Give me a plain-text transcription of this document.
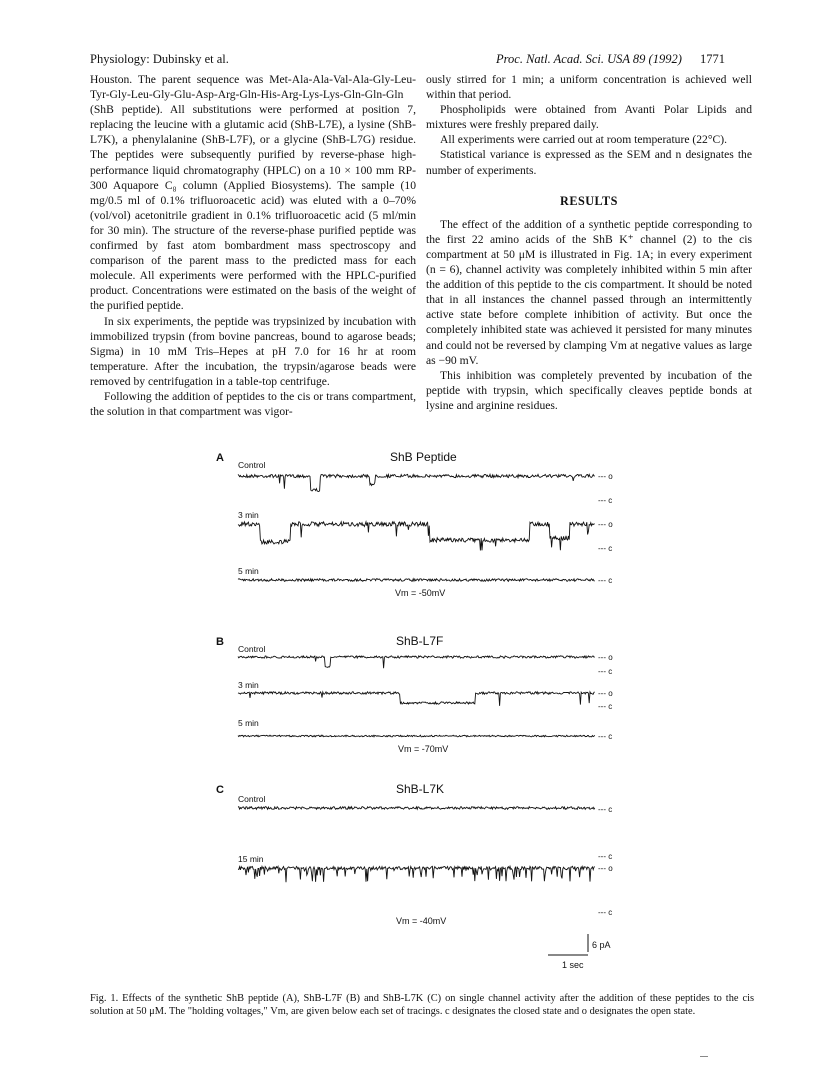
Physiology: Dubinsky et al.	Proc. Natl. Acad. Sci. USA 89 (1992) 1771

Houston. The parent sequence was Met-Ala-Ala-Val-Ala-Gly-Leu-Tyr-Gly-Leu-Gly-Glu-Asp-Arg-Gln-His-Arg-Lys-Lys-Gln-Gln-Gln (ShB peptide). All substitutions were performed at position 7, replacing the leucine with a glutamic acid (ShB-L7E), a lysine (ShB-L7K), a phenylalanine (ShB-L7F), or a glycine (ShB-L7G) residue. The peptides were subsequently purified by reverse-phase high-performance liquid chromatography (HPLC) on a 10 × 100 mm RP-300 Aquapore C₈ column (Applied Biosystems). The sample (10 mg/0.5 ml of 0.1% trifluoroacetic acid) was eluted with a 0–70% (vol/vol) acetonitrile gradient in 0.1% trifluoroacetic acid (5 ml/min for 30 min). The structure of the reverse-phase purified peptide was confirmed by fast atom bombardment mass spectroscopy and comparison of the parent mass to the predicted mass for each molecule. All experiments were performed with the HPLC-purified product. Concentrations were estimated on the basis of the weight of the purified peptide.

In six experiments, the peptide was trypsinized by incubation with immobilized trypsin (from bovine pancreas, bound to agarose beads; Sigma) in 10 mM Tris–Hepes at pH 7.0 for 16 hr at room temperature. After the incubation, the trypsin/agarose beads were removed by centrifugation in a table-top centrifuge.

Following the addition of peptides to the cis or trans compartment, the solution in that compartment was vigor-

ously stirred for 1 min; a uniform concentration is achieved well within that period.

Phospholipids were obtained from Avanti Polar Lipids and mixtures were freshly prepared daily.

All experiments were carried out at room temperature (22°C).

Statistical variance is expressed as the SEM and n designates the number of experiments.

RESULTS

The effect of the addition of a synthetic peptide corresponding to the first 22 amino acids of the ShB K⁺ channel (2) to the cis compartment at 50 μM is illustrated in Fig. 1A; in every experiment (n = 6), channel activity was completely inhibited within 5 min after the addition of this peptide to the cis compartment. It should be noted that in all instances the channel passed through an intermittently active state before complete inhibition of activity. But once the completely inhibited state was achieved it persisted for many minutes and could not be reversed by clamping Vm at negative values as large as −90 mV.

This inhibition was completely prevented by incubation of the peptide with trypsin, which specifically cleaves peptide bonds at lysine and arginine residues.

A	ShB Peptide
Control
3 min
5 min
--- o
--- c
--- o
--- c
--- c
Vm = -50mV
B	ShB-L7F
Control
3 min
5 min
--- o
--- c
--- o
--- c
--- c
Vm = -70mV
C	ShB-L7K
Control
15 min
--- c
--- c
--- o
--- c
Vm = -40mV
6 pA
1 sec
Fig. 1. Effects of the synthetic ShB peptide (A), ShB-L7F (B) and ShB-L7K (C) on single channel activity after the addition of these peptides to the cis solution at 50 μM. The "holding voltages," Vm, are given below each set of tracings. c designates the closed state and o designates the open state.
